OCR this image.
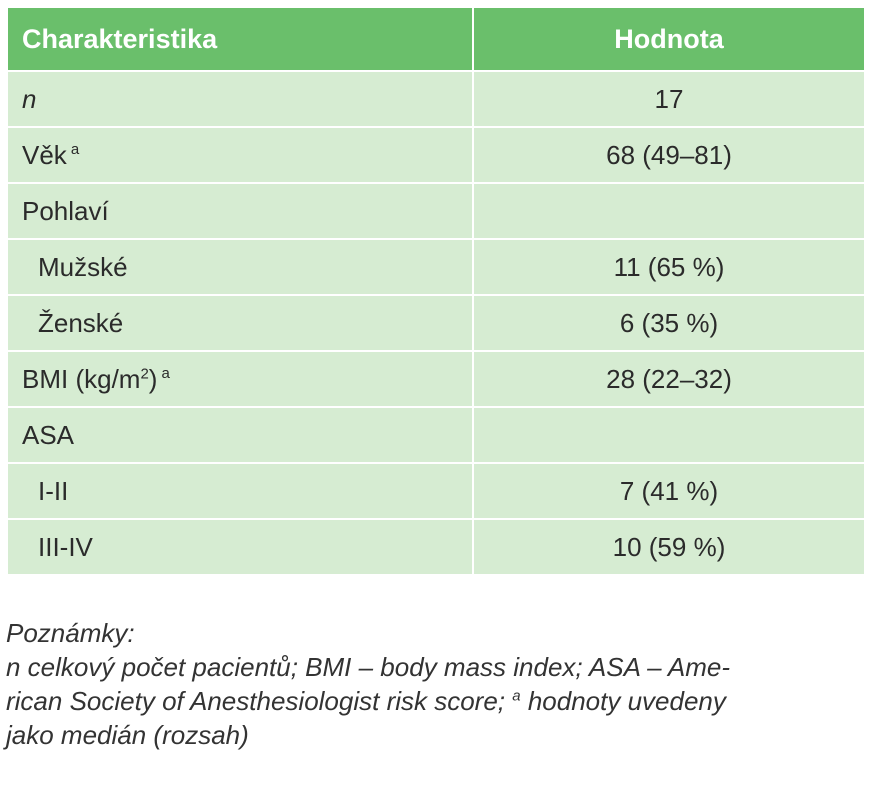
Charakteristika	Hodnota
n	17
Věk $^a$	68 (49–81)
Pohlaví	
Mužské	11 (65 %)
Ženské	6 (35 %)
BMI $(kg/m^2)$ $^a$	28 (22–32)
ASA	
I-II	7 (41 %)
III-IV	10 (59 %)
Poznámky:
n celkový počet pacientů; BMI – body mass index; ASA – Ame-
rican Society of Anesthesiologist risk score; $^a$ hodnoty uvedeny
jako medián (rozsah)
